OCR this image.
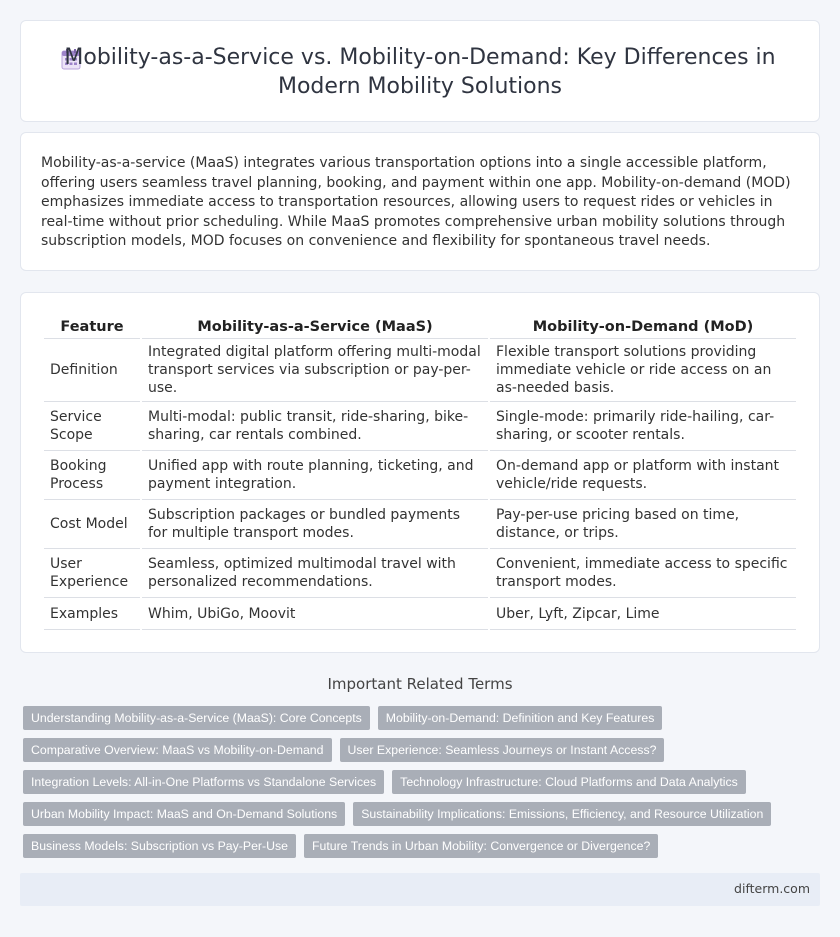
Mobility-as-a-Service vs. Mobility-on-Demand: Key Differences in Modern Mobility Solutions

Mobility-as-a-service (MaaS) integrates various transportation options into a single accessible platform, offering users seamless travel planning, booking, and payment within one app. Mobility-on-demand (MOD) emphasizes immediate access to transportation resources, allowing users to request rides or vehicles in real-time without prior scheduling. While MaaS promotes comprehensive urban mobility solutions through subscription models, MOD focuses on convenience and flexibility for spontaneous travel needs.

Feature	Mobility-as-a-Service (MaaS)	Mobility-on-Demand (MoD)
Definition	Integrated digital platform offering multi-modal transport services via subscription or pay-per-use.	Flexible transport solutions providing immediate vehicle or ride access on an as-needed basis.
Service Scope	Multi-modal: public transit, ride-sharing, bike-sharing, car rentals combined.	Single-mode: primarily ride-hailing, car-sharing, or scooter rentals.
Booking Process	Unified app with route planning, ticketing, and payment integration.	On-demand app or platform with instant vehicle/ride requests.
Cost Model	Subscription packages or bundled payments for multiple transport modes.	Pay-per-use pricing based on time, distance, or trips.
User Experience	Seamless, optimized multimodal travel with personalized recommendations.	Convenient, immediate access to specific transport modes.
Examples	Whim, UbiGo, Moovit	Uber, Lyft, Zipcar, Lime
Important Related Terms
Understanding Mobility-as-a-Service (MaaS): Core Concepts	Mobility-on-Demand: Definition and Key Features
Comparative Overview: MaaS vs Mobility-on-Demand	User Experience: Seamless Journeys or Instant Access?
Integration Levels: All-in-One Platforms vs Standalone Services	Technology Infrastructure: Cloud Platforms and Data Analytics
Urban Mobility Impact: MaaS and On-Demand Solutions	Sustainability Implications: Emissions, Efficiency, and Resource Utilization
Business Models: Subscription vs Pay-Per-Use	Future Trends in Urban Mobility: Convergence or Divergence?
difterm.com
